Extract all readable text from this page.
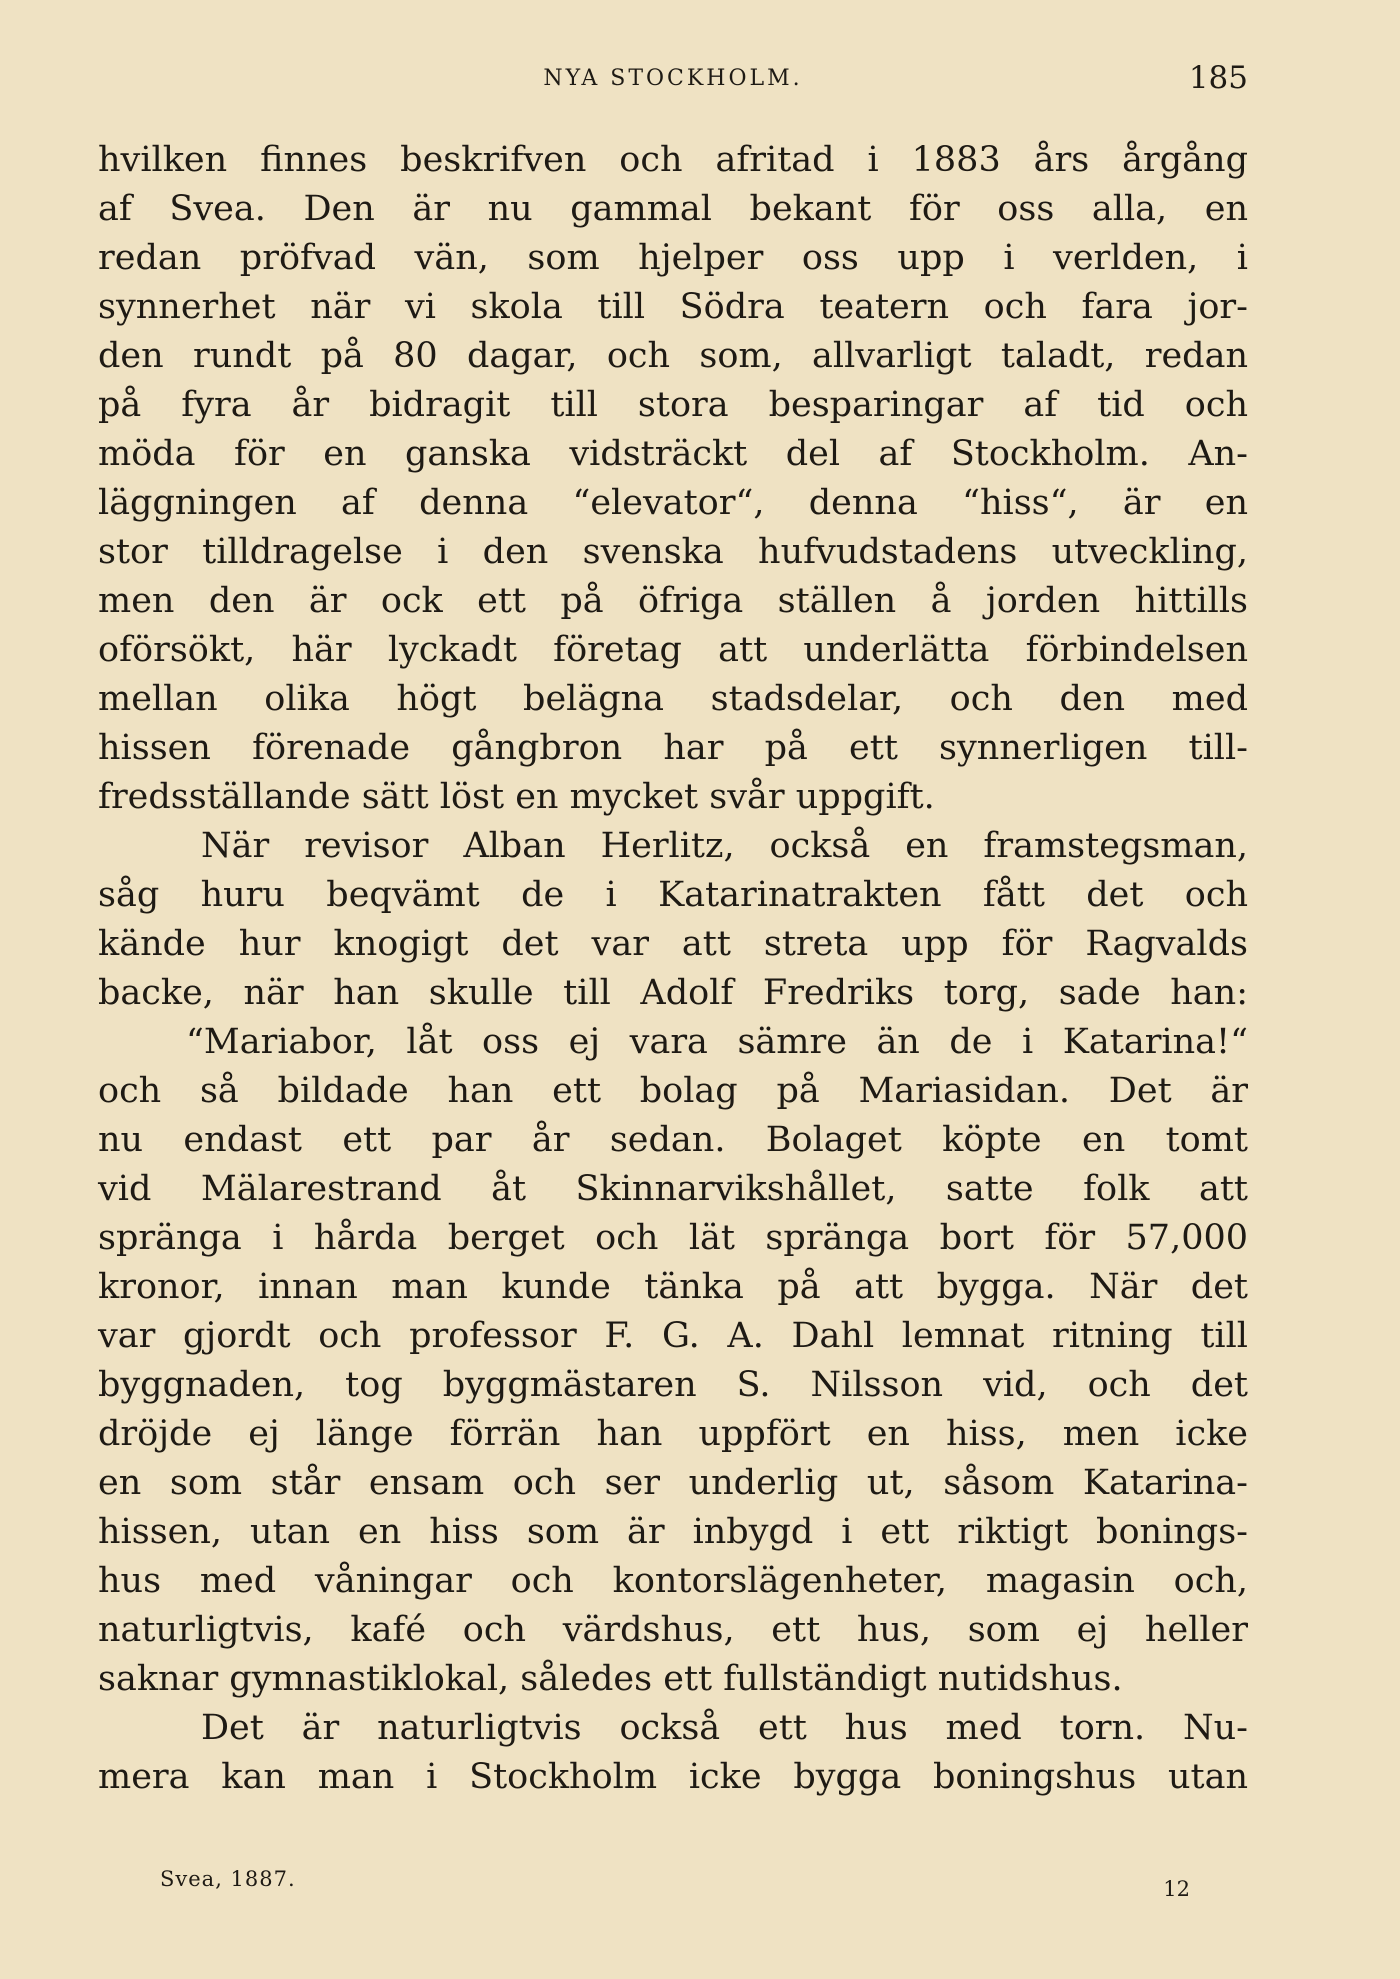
NYA STOCKHOLM.	185
hvilken finnes beskrifven och afritad i 1883 års årgång
af Svea. Den är nu gammal bekant för oss alla, en
redan pröfvad vän, som hjelper oss upp i verlden, i
synnerhet när vi skola till Södra teatern och fara jor-
den rundt på 80 dagar, och som, allvarligt taladt, redan
på fyra år bidragit till stora besparingar af tid och
möda för en ganska vidsträckt del af Stockholm. An-
läggningen af denna “elevator“, denna “hiss“, är en
stor tilldragelse i den svenska hufvudstadens utveckling,
men den är ock ett på öfriga ställen å jorden hittills
oförsökt, här lyckadt företag att underlätta förbindelsen
mellan olika högt belägna stadsdelar, och den med
hissen förenade gångbron har på ett synnerligen till-
fredsställande sätt löst en mycket svår uppgift.
När revisor Alban Herlitz, också en framstegsman,
såg huru beqvämt de i Katarinatrakten fått det och
kände hur knogigt det var att streta upp för Ragvalds
backe, när han skulle till Adolf Fredriks torg, sade han:
“Mariabor, låt oss ej vara sämre än de i Katarina!“
och så bildade han ett bolag på Mariasidan. Det är
nu endast ett par år sedan. Bolaget köpte en tomt
vid Mälarestrand åt Skinnarvikshållet, satte folk att
spränga i hårda berget och lät spränga bort för 57,000
kronor, innan man kunde tänka på att bygga. När det
var gjordt och professor F. G. A. Dahl lemnat ritning till
byggnaden, tog byggmästaren S. Nilsson vid, och det
dröjde ej länge förrän han uppfört en hiss, men icke
en som står ensam och ser underlig ut, såsom Katarina-
hissen, utan en hiss som är inbygd i ett riktigt bonings-
hus med våningar och kontorslägenheter, magasin och,
naturligtvis, kafé och värdshus, ett hus, som ej heller
saknar gymnastiklokal, således ett fullständigt nutidshus.
Det är naturligtvis också ett hus med torn. Nu-
mera kan man i Stockholm icke bygga boningshus utan
Svea, 1887.	12
